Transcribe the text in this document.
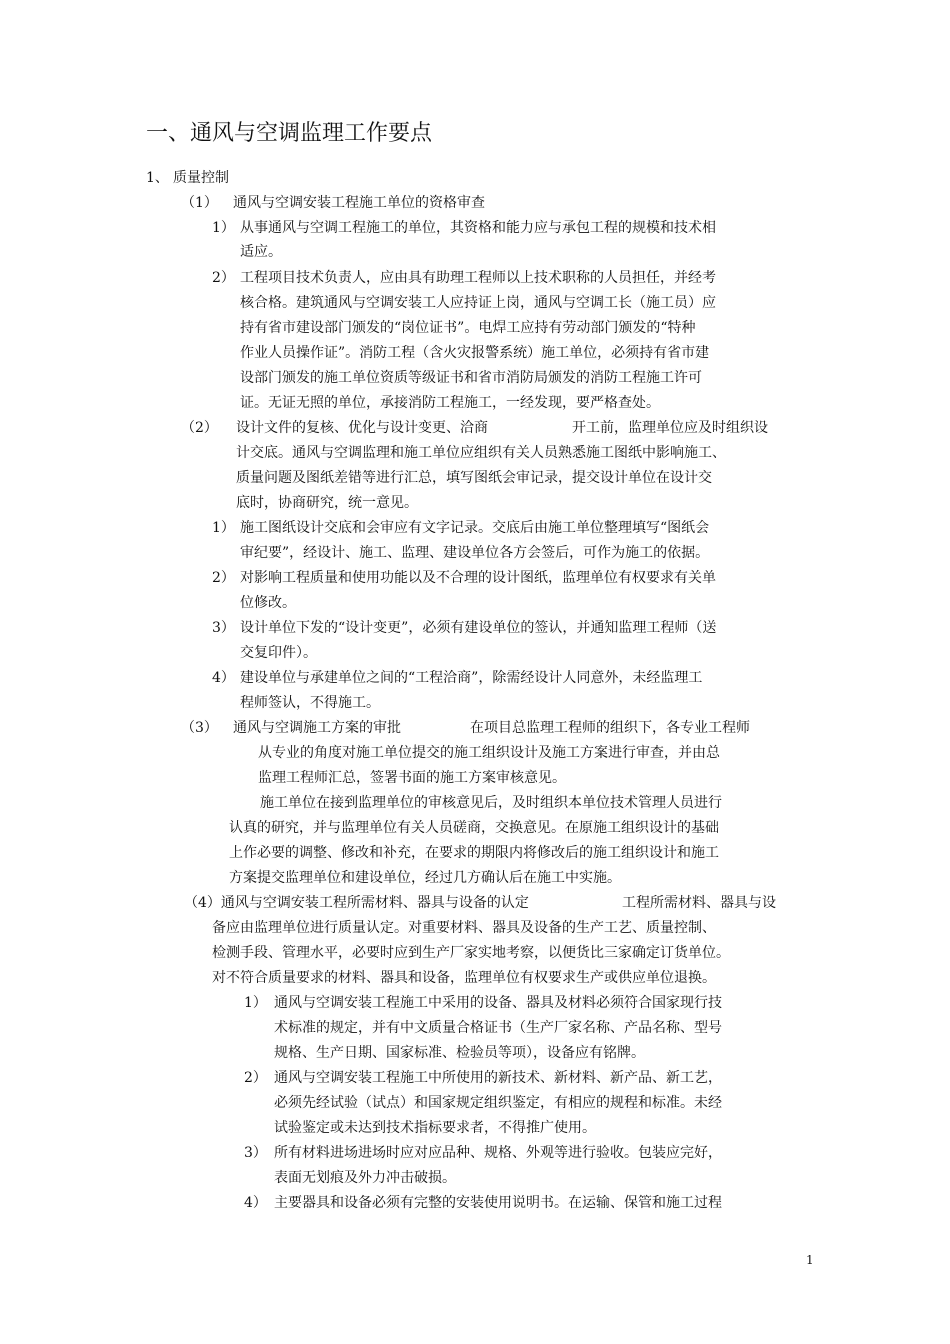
一、通风与空调监理工作要点
1、 质量控制
（1） 通风与空调安装工程施工单位的资格审查
1） 从事通风与空调工程施工的单位，其资格和能力应与承包工程的规模和技术相
适应。
2） 工程项目技术负责人，应由具有助理工程师以上技术职称的人员担任，并经考
核合格。建筑通风与空调安装工人应持证上岗，通风与空调工长（施工员）应
持有省市建设部门颁发的“岗位证书”。电焊工应持有劳动部门颁发的“特种
作业人员操作证”。消防工程（含火灾报警系统）施工单位，必须持有省市建
设部门颁发的施工单位资质等级证书和省市消防局颁发的消防工程施工许可
证。无证无照的单位，承接消防工程施工，一经发现，要严格查处。
（2） 设计文件的复核、优化与设计变更、洽商	开工前，监理单位应及时组织设
计交底。通风与空调监理和施工单位应组织有关人员熟悉施工图纸中影响施工、
质量问题及图纸差错等进行汇总，填写图纸会审记录，提交设计单位在设计交
底时，协商研究，统一意见。
1） 施工图纸设计交底和会审应有文字记录。交底后由施工单位整理填写“图纸会
审纪要”，经设计、施工、监理、建设单位各方会签后，可作为施工的依据。
2） 对影响工程质量和使用功能以及不合理的设计图纸，监理单位有权要求有关单
位修改。
3） 设计单位下发的“设计变更”，必须有建设单位的签认，并通知监理工程师（送
交复印件）。
4） 建设单位与承建单位之间的“工程洽商”，除需经设计人同意外，未经监理工
程师签认，不得施工。
（3） 通风与空调施工方案的审批	在项目总监理工程师的组织下，各专业工程师
从专业的角度对施工单位提交的施工组织设计及施工方案进行审查，并由总
监理工程师汇总，签署书面的施工方案审核意见。
施工单位在接到监理单位的审核意见后，及时组织本单位技术管理人员进行
认真的研究，并与监理单位有关人员磋商，交换意见。在原施工组织设计的基础
上作必要的调整、修改和补充，在要求的期限内将修改后的施工组织设计和施工
方案提交监理单位和建设单位，经过几方确认后在施工中实施。
（4）通风与空调安装工程所需材料、器具与设备的认定	工程所需材料、器具与设
备应由监理单位进行质量认定。对重要材料、器具及设备的生产工艺、质量控制、
检测手段、管理水平，必要时应到生产厂家实地考察，以便货比三家确定订货单位。
对不符合质量要求的材料、器具和设备，监理单位有权要求生产或供应单位退换。
1） 通风与空调安装工程施工中采用的设备、器具及材料必须符合国家现行技
术标准的规定，并有中文质量合格证书（生产厂家名称、产品名称、型号
规格、生产日期、国家标准、检验员等项），设备应有铭牌。
2） 通风与空调安装工程施工中所使用的新技术、新材料、新产品、新工艺，
必须先经试验（试点）和国家规定组织鉴定，有相应的规程和标准。未经
试验鉴定或未达到技术指标要求者，不得推广使用。
3） 所有材料进场进场时应对应品种、规格、外观等进行验收。包装应完好，
表面无划痕及外力冲击破损。
4） 主要器具和设备必须有完整的安装使用说明书。在运输、保管和施工过程
1
